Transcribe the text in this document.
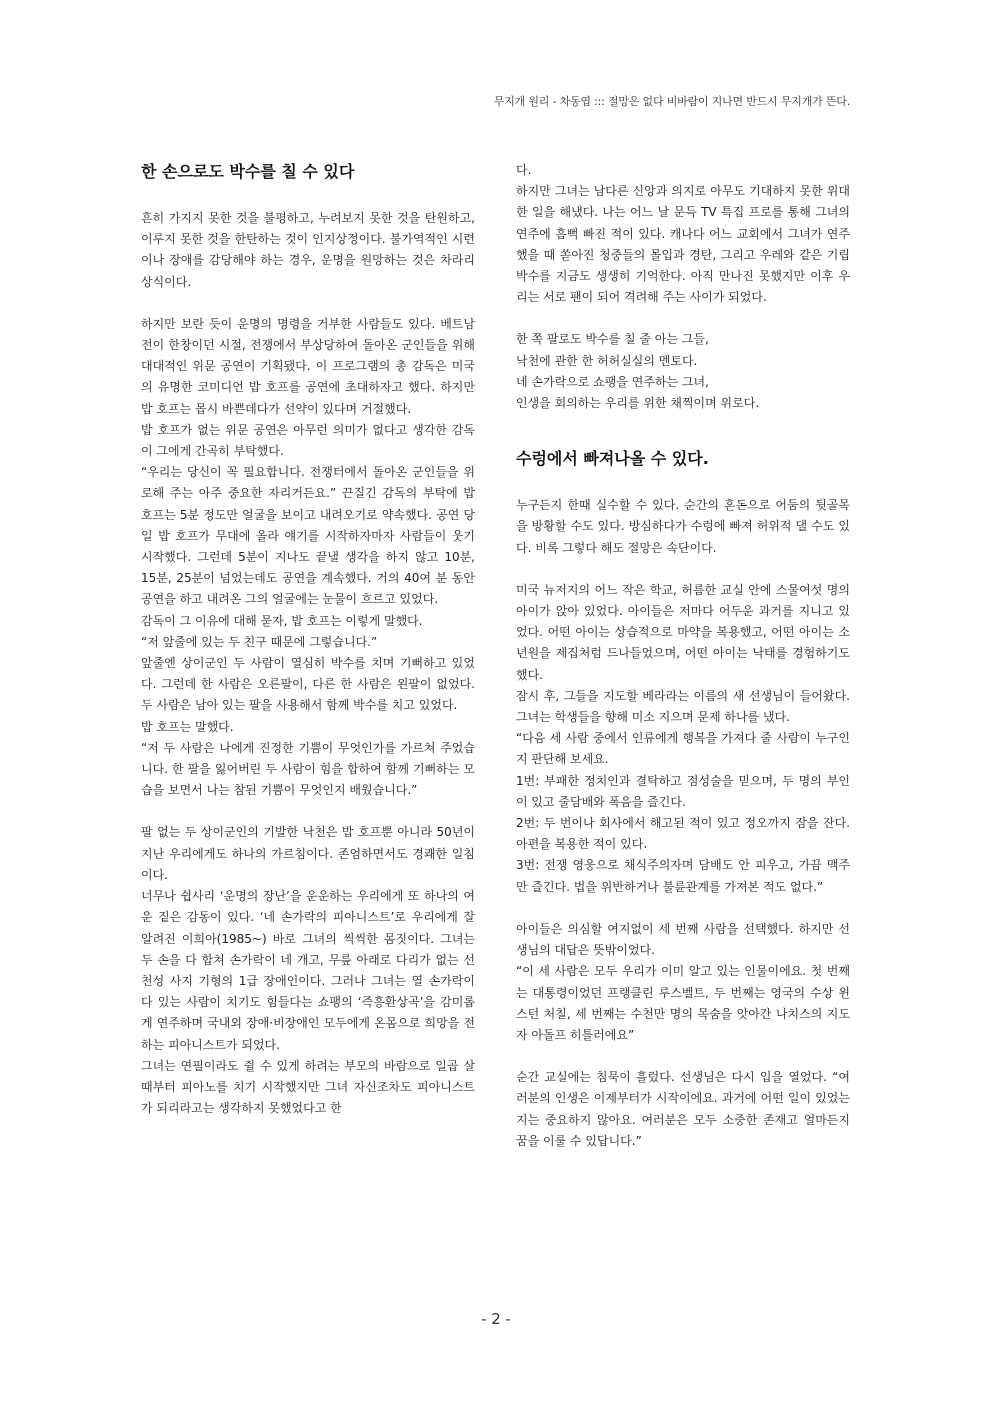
무지개 원리 - 차동엽 ::: 절망은 없다 비바람이 지나면 반드시 무지개가 뜬다.
한 손으로도 박수를 칠 수 있다

흔히 가지지 못한 것을 불평하고, 누려보지 못한 것을 탄원하고, 이루지 못한 것을 한탄하는 것이 인지상정이다. 불가역적인 시련이나 장애를 감당해야 하는 경우, 운명을 원망하는 것은 차라리 상식이다.

하지만 보란 듯이 운명의 명령을 거부한 사람들도 있다. 베트남전이 한창이던 시절, 전쟁에서 부상당하여 돌아온 군인들을 위해 대대적인 위문 공연이 기획됐다. 이 프로그램의 총 감독은 미국의 유명한 코미디언 밥 호프를 공연에 초대하자고 했다. 하지만 밥 호프는 몹시 바쁜데다가 선약이 있다며 거절했다.

밥 호프가 없는 위문 공연은 아무런 의미가 없다고 생각한 감독이 그에게 간곡히 부탁했다.

“우리는 당신이 꼭 필요합니다. 전쟁터에서 돌아온 군인들을 위로해 주는 아주 중요한 자리거든요.” 끈질긴 감독의 부탁에 밥 호프는 5분 정도만 얼굴을 보이고 내려오기로 약속했다. 공연 당일 밥 호프가 무대에 올라 얘기를 시작하자마자 사람들이 웃기 시작했다. 그런데 5분이 지나도 끝낼 생각을 하지 않고 10분, 15분, 25분이 넘었는데도 공연을 계속했다. 거의 40여 분 동안 공연을 하고 내려온 그의 얼굴에는 눈물이 흐르고 있었다.

감독이 그 이유에 대해 묻자, 밥 호프는 이렇게 말했다.

“저 앞줄에 있는 두 친구 때문에 그렇습니다.”

앞줄엔 상이군인 두 사람이 열심히 박수를 치며 기뻐하고 있었다. 그런데 한 사람은 오른팔이, 다른 한 사람은 왼팔이 없었다. 두 사람은 남아 있는 팔을 사용해서 함께 박수를 치고 있었다.

밥 호프는 말했다.

“저 두 사람은 나에게 진정한 기쁨이 무엇인가를 가르쳐 주었습니다. 한 팔을 잃어버린 두 사람이 힘을 합하여 함께 기뻐하는 모습을 보면서 나는 참된 기쁨이 무엇인지 배웠습니다.”

팔 없는 두 상이군인의 기발한 낙천은 밥 호프뿐 아니라 50년이 지난 우리에게도 하나의 가르침이다. 존엄하면서도 경쾌한 일침이다.

너무나 쉽사리 ‘운명의 장난’을 운운하는 우리에게 또 하나의 여운 짙은 감동이 있다. ‘네 손가락의 피아니스트’로 우리에게 잘 알려진 이희아(1985~) 바로 그녀의 씩씩한 몸짓이다. 그녀는 두 손을 다 합쳐 손가락이 네 개고, 무릎 아래로 다리가 없는 선천성 사지 기형의 1급 장애인이다. 그러나 그녀는 열 손가락이 다 있는 사람이 치기도 힘들다는 쇼팽의 ‘즉흥환상곡’을 감미롭게 연주하며 국내외 장애·비장애인 모두에게 온몸으로 희망을 전하는 피아니스트가 되었다.

그녀는 연필이라도 쥘 수 있게 하려는 부모의 바람으로 일곱 살 때부터 피아노를 치기 시작했지만 그녀 자신조차도 피아니스트가 되리라고는 생각하지 못했었다고 한

다.

하지만 그녀는 남다른 신앙과 의지로 아무도 기대하지 못한 위대한 일을 해냈다. 나는 어느 날 문득 TV 특집 프로를 통해 그녀의 연주에 흠뻑 빠진 적이 있다. 캐나다 어느 교회에서 그녀가 연주했을 때 쏟아진 청중들의 몰입과 경탄, 그리고 우레와 같은 기립 박수를 지금도 생생히 기억한다. 아직 만나진 못했지만 이후 우리는 서로 팬이 되어 격려해 주는 사이가 되었다.

한 쪽 팔로도 박수를 칠 줄 아는 그들,

낙천에 관한 한 허허실실의 멘토다.

네 손가락으로 쇼팽을 연주하는 그녀,

인생을 회의하는 우리를 위한 채찍이며 위로다.

수렁에서 빠져나올 수 있다.

누구든지 한때 실수할 수 있다. 순간의 혼돈으로 어둠의 뒷골목을 방황할 수도 있다. 방심하다가 수렁에 빠져 허위적 댈 수도 있다. 비록 그렇다 해도 절망은 속단이다.

미국 뉴저지의 어느 작은 학교, 허름한 교실 안에 스물여섯 명의 아이가 앉아 있었다. 아이들은 저마다 어두운 과거를 지니고 있었다. 어떤 아이는 상습적으로 마약을 복용했고, 어떤 아이는 소년원을 제집처럼 드나들었으며, 어떤 아이는 낙태를 경험하기도 했다.

잠시 후, 그들을 지도할 베라라는 이름의 새 선생님이 들어왔다. 그녀는 학생들을 향해 미소 지으며 문제 하나를 냈다.

“다음 세 사람 중에서 인류에게 행복을 가져다 줄 사람이 누구인지 판단해 보세요.

1번: 부패한 정치인과 결탁하고 점성술을 믿으며, 두 명의 부인이 있고 줄담배와 폭음을 즐긴다.

2번: 두 번이나 회사에서 해고된 적이 있고 정오까지 잠을 잔다. 아편을 복용한 적이 있다.

3번: 전쟁 영웅으로 채식주의자며 담배도 안 피우고, 가끔 맥주만 즐긴다. 법을 위반하거나 불륜관계를 가져본 적도 없다.”

아이들은 의심할 여지없이 세 번째 사람을 선택했다. 하지만 선생님의 대답은 뜻밖이었다.

“이 세 사람은 모두 우리가 이미 알고 있는 인물이에요. 첫 번째는 대통령이었던 프랭클린 루스벨트, 두 번째는 영국의 수상 윈스턴 처칠, 세 번째는 수천만 명의 목숨을 앗아간 나치스의 지도자 아돌프 히틀러에요”

순간 교실에는 침묵이 흘렀다. 선생님은 다시 입을 열었다. “여러분의 인생은 이제부터가 시작이에요. 과거에 어떤 일이 있었는지는 중요하지 않아요. 여러분은 모두 소중한 존재고 얼마든지 꿈을 이룰 수 있답니다.”

- 2 -
